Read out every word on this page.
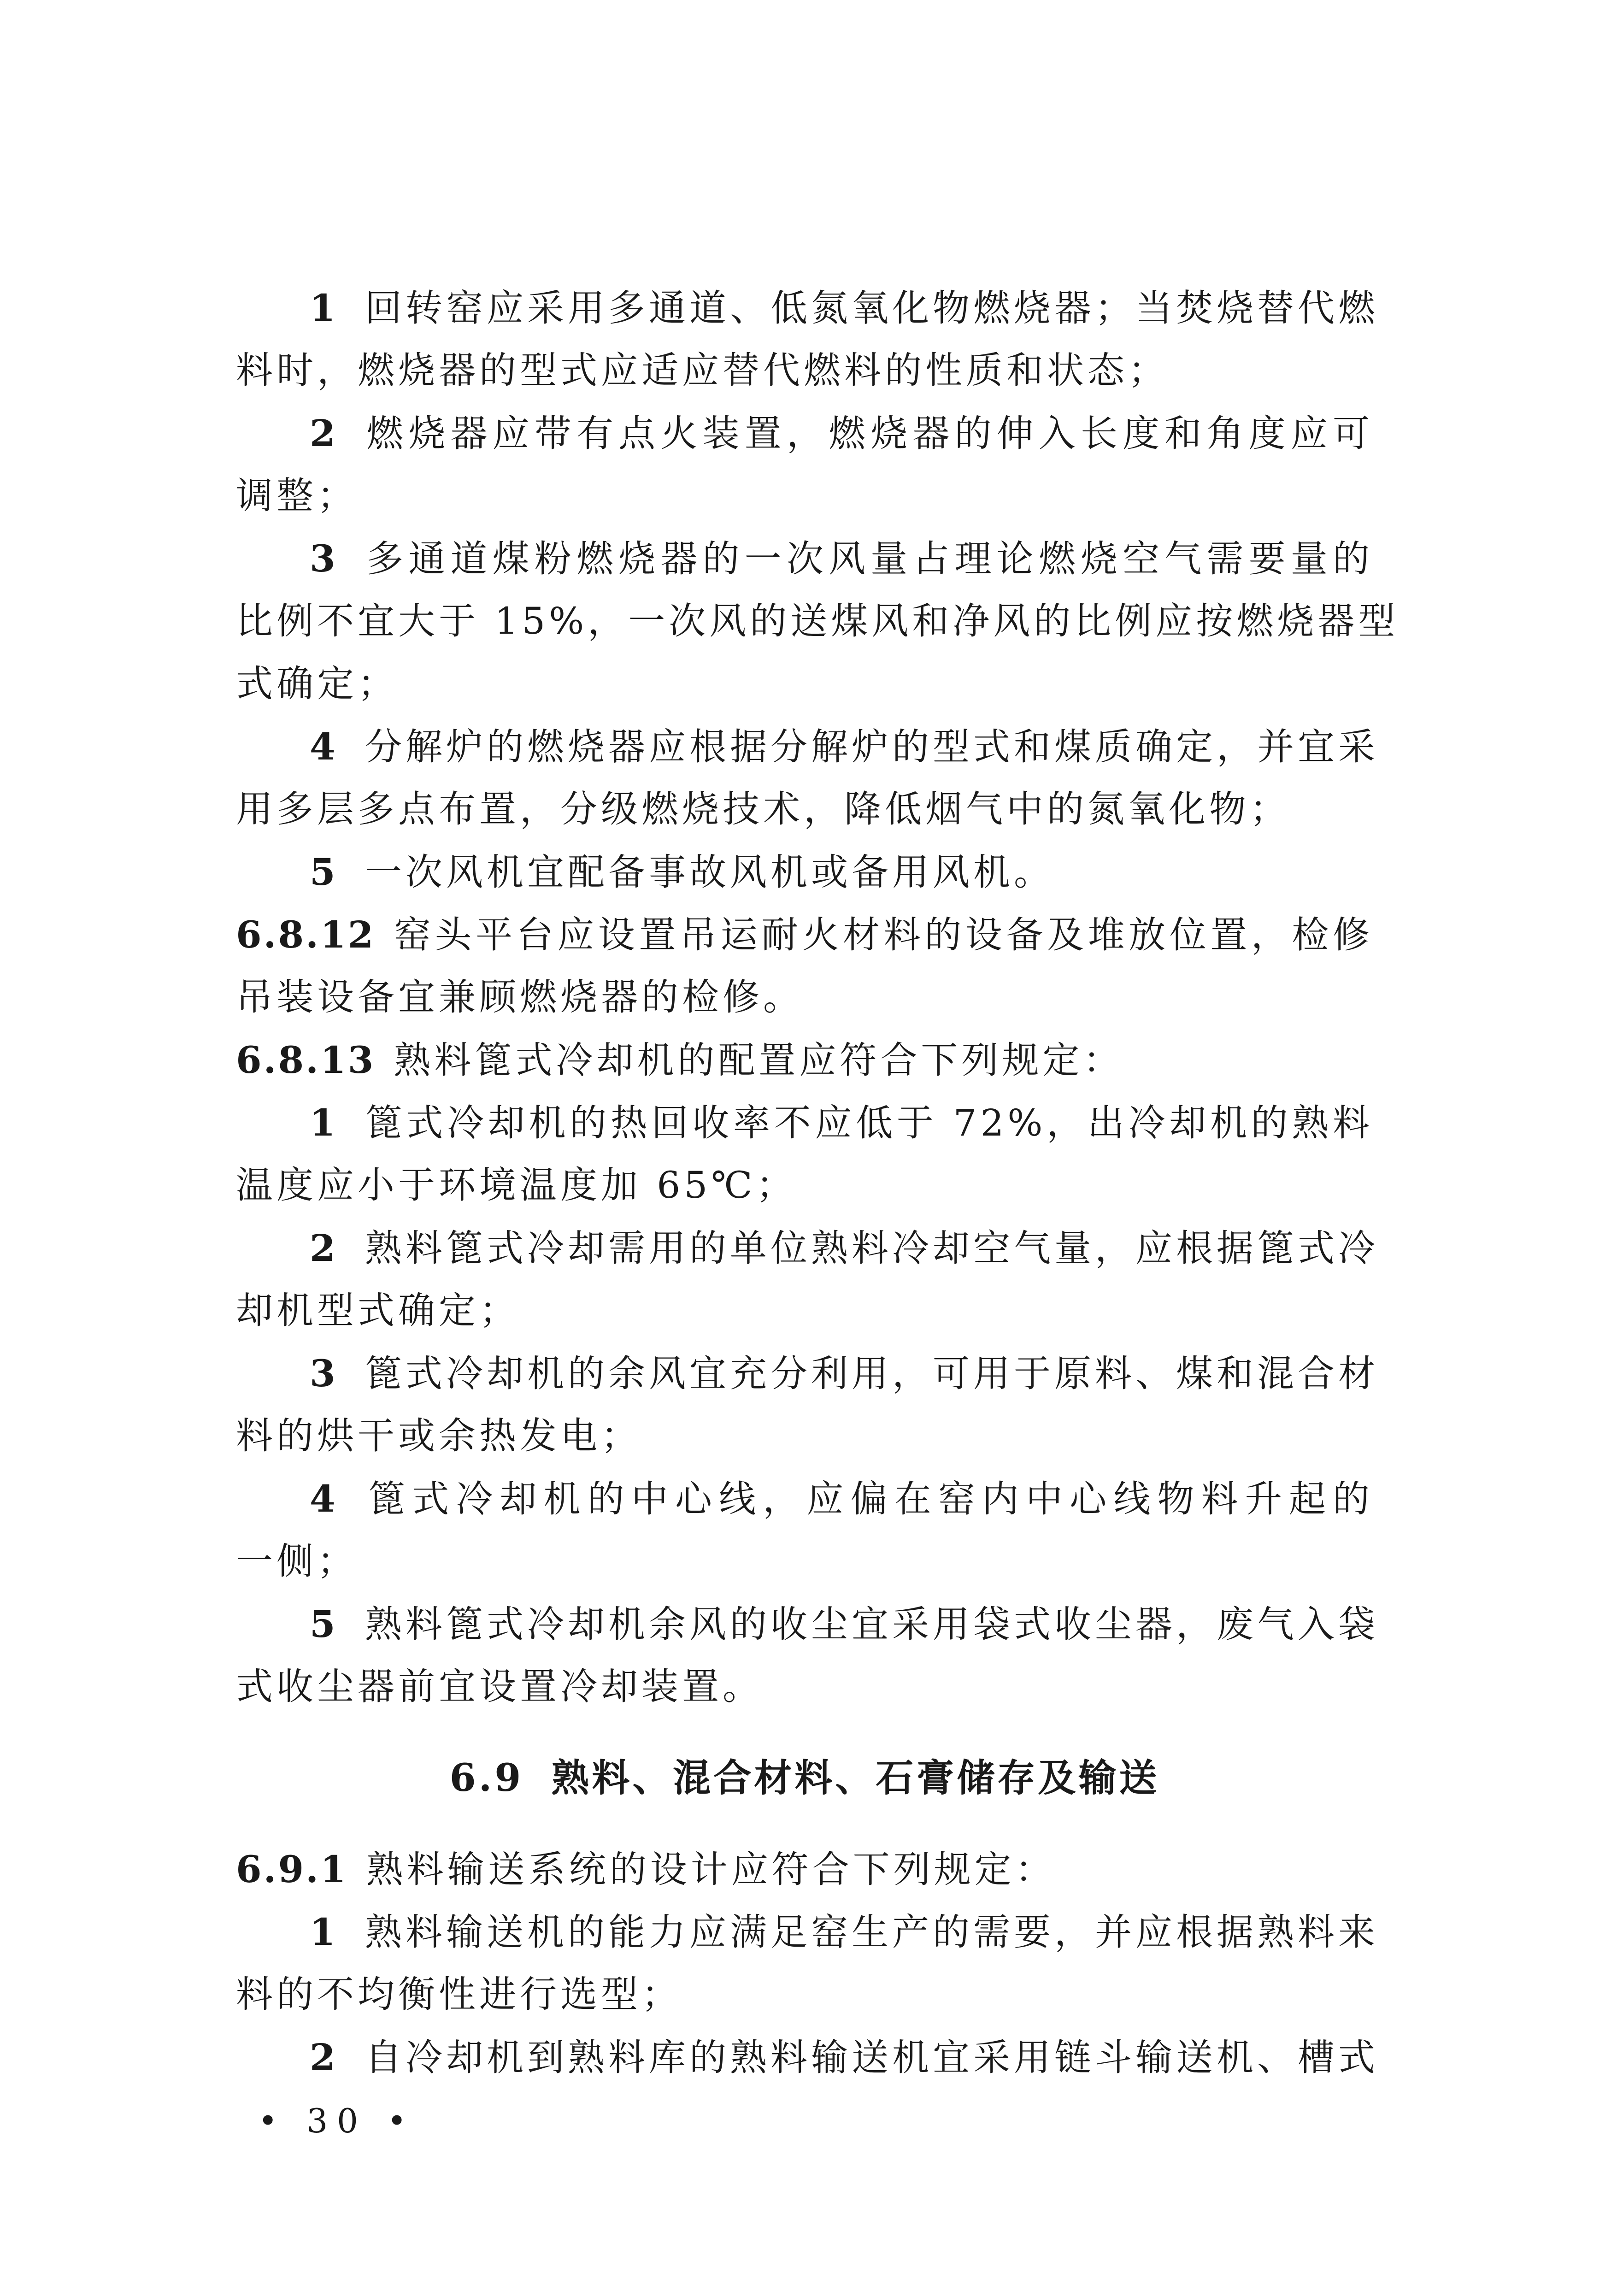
1 回转窑应采用多通道、低氮氧化物燃烧器；当焚烧替代燃
料时，燃烧器的型式应适应替代燃料的性质和状态；
2 燃烧器应带有点火装置，燃烧器的伸入长度和角度应可
调整；
3 多通道煤粉燃烧器的一次风量占理论燃烧空气需要量的
比例不宜大于 15%，一次风的送煤风和净风的比例应按燃烧器型
式确定；
4 分解炉的燃烧器应根据分解炉的型式和煤质确定，并宜采
用多层多点布置，分级燃烧技术，降低烟气中的氮氧化物；
5 一次风机宜配备事故风机或备用风机。
6.8.12 窑头平台应设置吊运耐火材料的设备及堆放位置，检修
吊装设备宜兼顾燃烧器的检修。
6.8.13 熟料篦式冷却机的配置应符合下列规定：
1 篦式冷却机的热回收率不应低于 72%，出冷却机的熟料
温度应小于环境温度加 65℃；
2 熟料篦式冷却需用的单位熟料冷却空气量，应根据篦式冷
却机型式确定；
3 篦式冷却机的余风宜充分利用，可用于原料、煤和混合材
料的烘干或余热发电；
4 篦式冷却机的中心线，应偏在窑内中心线物料升起的
一侧；
5 熟料篦式冷却机余风的收尘宜采用袋式收尘器，废气入袋
式收尘器前宜设置冷却装置。
6.9 熟料、混合材料、石膏储存及输送
6.9.1 熟料输送系统的设计应符合下列规定：
1 熟料输送机的能力应满足窑生产的需要，并应根据熟料来
料的不均衡性进行选型；
2 自冷却机到熟料库的熟料输送机宜采用链斗输送机、槽式
• 30 •
